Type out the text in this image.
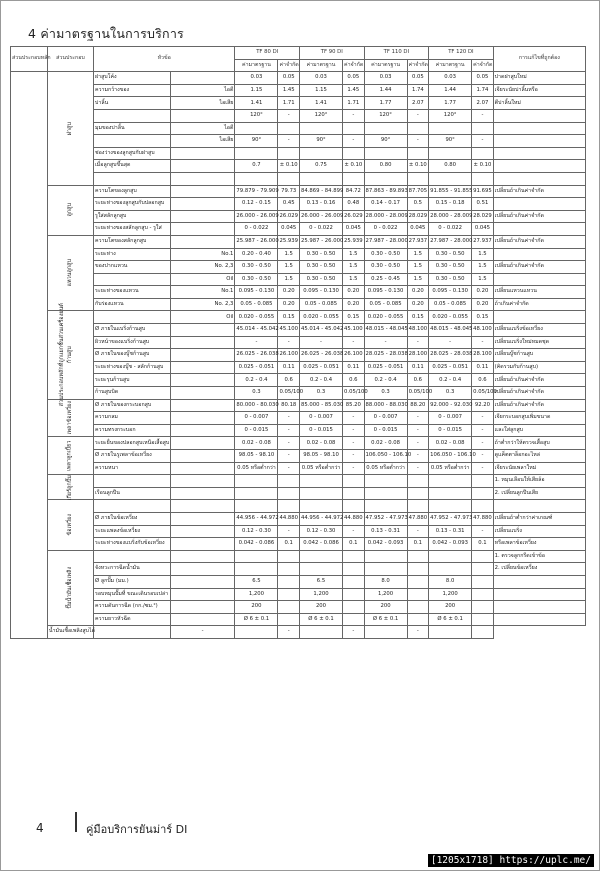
4 ค่ามาตรฐานในการบริการ
ส่วนประกอบหลัก	ส่วนประกอบ	หัวข้อ		TF 80 DI		TF 90 DI		TF 110 DI		TF 120 DI		การแก้ไขที่ถูกต้อง
				ค่ามาตรฐาน	ค่าจำกัด	ค่ามาตรฐาน	ค่าจำกัด	ค่ามาตรฐาน	ค่าจำกัด	ค่ามาตรฐาน	ค่าจำกัด	
ส่วนประกอบหลักที่ถูกแยกชิ้นส่วนเครื่องยนต์	ฝาสูบ	ฝาสูบโค้ง		0.03	0.05	0.03	0.05	0.03	0.05	0.03	0.05	ปาดฝาสูบใหม่
		ความกว้างของ	ไอดี	1.15	1.45	1.15	1.45	1.44	1.74	1.44	1.74	เจียระนัยบ่าลิ้นหรือ
		บ่าลิ้น	ไอเสีย	1.41	1.71	1.41	1.71	1.77	2.07	1.77	2.07	ตีบ่าลิ้นใหม่
				120°	-	120°	-	120°	-	120°	-	
		มุมของบ่าลิ้น	ไอดี									
			ไอเสีย	90°	-	90°	-	90°	-	90°	-	
		ช่องว่างของลูกสูบกับฝาสูบ										
		เมื่อลูกสูบขึ้นสุด		0.7	± 0.10	0.75	± 0.10	0.80	± 0.10	0.80	± 0.10	

	ลูกสูบ	ความโตของลูกสูบ		79.879 - 79.909	79.73	84.869 - 84.899	84.72	87.863 - 89.893	87.705	91.855 - 91.855	91.695	เปลี่ยนถ้าเกินค่าจำกัด
		ระยะห่างของลูกสูบกับปลอกสูบ		0.12 - 0.15	0.45	0.13 - 0.16	0.48	0.14 - 0.17	0.5	0.15 - 0.18	0.51	
		รูใส่สลักลูกสูบ		26.000 - 26.009	26.029	26.000 - 26.009	26.029	28.000 - 28.009	28.029	28.000 - 28.009	28.029	เปลี่ยนถ้าเกินค่าจำกัด
		ระยะห่างของสลักลูกสูบ - รูใส่		0 - 0.022	0.045	0 - 0.022	0.045	0 - 0.022	0.045	0 - 0.022	0.045	
	แหวนลูกสูบ	ความโตของสลักลูกสูบ		25.987 - 26.000	25.939	25.987 - 26.000	25.939	27.987 - 28.000	27.937	27.987 - 28.000	27.937	เปลี่ยนถ้าเกินค่าจำกัด
		ระยะห่าง	No.1	0.20 - 0.40	1.5	0.30 - 0.50	1.5	0.30 - 0.50	1.5	0.30 - 0.50	1.5	
		ของปากแหวน	No. 2,3	0.30 - 0.50	1.5	0.30 - 0.50	1.5	0.30 - 0.50	1.5	0.30 - 0.50	1.5	เปลี่ยนถ้าเกินค่าจำกัด
			Oil	0.30 - 0.50	1.5	0.30 - 0.50	1.5	0.25 - 0.45	1.5	0.30 - 0.50	1.5	
		ระยะห่างของแหวน	No.1	0.095 - 0.130	0.20	0.095 - 0.130	0.20	0.095 - 0.130	0.20	0.095 - 0.130	0.20	เปลี่ยนแหวนแหวน
		กับร่องแหวน	No. 2,3	0.05 - 0.085	0.20	0.05 - 0.085	0.20	0.05 - 0.085	0.20	0.05 - 0.085	0.20	ถ้าเกินค่าจำกัด
	ก้านสูบ		Oil	0.020 - 0.055	0.15	0.020 - 0.055	0.15	0.020 - 0.055	0.15	0.020 - 0.055	0.15	
		Ø ภายในแบริ่งก้านสูบ		45.014 - 45.042	45.100	45.014 - 45.042	45.100	48.015 - 48.045	48.100	48.015 - 48.045	48.100	เปลี่ยนแบริ่งข้อเหวี่ยง
		ผิวหน้าของแบริ่งก้านสูบ		-	-	-	-	-	-	-	-	เปลี่ยนแบริ่งใหม่หมดชุด
		Ø ภายในของบู๊ชก้านสูบ		26.025 - 26.038	26.100	26.025 - 26.038	26.100	28.025 - 28.038	28.100	28.025 - 28.038	28.100	เปลี่ยนบู๊ชก้านสูบ
		ระยะห่างของบู๊ช - สลักก้านสูบ		0.025 - 0.051	0.11	0.025 - 0.051	0.11	0.025 - 0.051	0.11	0.025 - 0.051	0.11	(คิดรวมกับก้านสูบ)
		ระยะรุนก้านสูบ		0.2 - 0.4	0.6	0.2 - 0.4	0.6	0.2 - 0.4	0.6	0.2 - 0.4	0.6	เปลี่ยนถ้าเกินค่าจำกัด
		ก้านสูบบิด		0.3	0.05/100	0.3	0.05/100	0.3	0.05/100	0.3	0.05/100	เปลี่ยนถ้าเกินค่าจำกัด
	เพลาข้อเหวี่ยง	Ø ภายในของกระบอกสูบ		80.000 - 80.030	80.18	85.000 - 85.030	85.20	88.000 - 88.030	88.20	92.000 - 92.030	92.20	เปลี่ยนถ้าเกินค่าจำกัด
		ความกลม		0 - 0.007	-	0 - 0.007	-	0 - 0.007	-	0 - 0.007	-	เจียกระบอกสูบเพิ่มขนาด
		ความทรงกระบอก		0 - 0.015	-	0 - 0.015	-	0 - 0.015	-	0 - 0.015	-	และใส่ลูกสูบ
	เพลาลูกเบี้ยว	ระยะยื่นของปลอกสูบเหนือเสื้อสูบ		0.02 - 0.08	-	0.02 - 0.08	-	0.02 - 0.08	-	0.02 - 0.08	-	ถ้าต่ำกว่าให้ตรวจเสื้อสูบ
		Ø ภายในรูเพลาข้อเหวี่ยง		98.05 - 98.10	-	98.05 - 98.10	-	106.050 - 106.10	-	106.050 - 106.10	-	ดูแค็ตตาล็อกอะไหล่
		ความหนา		0.05 หรือต่ำกว่า	-	0.05 หรือต่ำกว่า	-	0.05 หรือต่ำกว่า	-	0.05 หรือต่ำกว่า	-	เจียระนัยเพลาใหม่
	เกียร์ลูกปั๊ม											1. หมุนเลือนให้เสียล้อ
		เรือนลูกปืน										2. เปลี่ยนลูกปืนเสีย
	ข้อเหวี่ยง											
		Ø ภายในข้อเหวี่ยง		44.956 - 44.972	44.880	44.956 - 44.972	44.880	47.952 - 47.973	47.880	47.952 - 47.973	47.880	เปลี่ยนถ้าต่ำกว่าค่าเกณฑ์
		ระยะแพลงข้อเหวี่ยง		0.12 - 0.30	-	0.12 - 0.30	-	0.13 - 0.31	-	0.13 - 0.31	-	เปลี่ยนแบริ่ง
		ระยะห่างของแบริ่งกับข้อเหวี่ยง		0.042 - 0.086	0.1	0.042 - 0.086	0.1	0.042 - 0.093	0.1	0.042 - 0.093	0.1	หรือเพลาข้อเหวี่ยง
	ปั๊มน้ำมันเชื้อเพลิง											1. ตรวจลูกกรีดเข้าข้อ
		จังหวะการฉีดน้ำมัน										2. เปลี่ยนข้อเหวี่ยง
		Ø ลูกปั๊ม (มม.)		6.5		6.5		8.0		8.0		
		รอบหมุนปั๊มที่ ขณะเดินรอบเปล่า		1,200		1,200		1,200		1,200		
		ความดันการฉีด (กก./ซม.²)		200		200		200		200		
		ความยาวหัวฉีด		Ø 6 ± 0.1		Ø 6 ± 0.1		Ø 6 ± 0.1		Ø 6 ± 0.1		
	น้ำมันเชื้อเพลิงสูบได้		-		-		-		-			
4	คู่มือบริการยันม่าร์ DI
[1205x1718] https://uplc.me/
